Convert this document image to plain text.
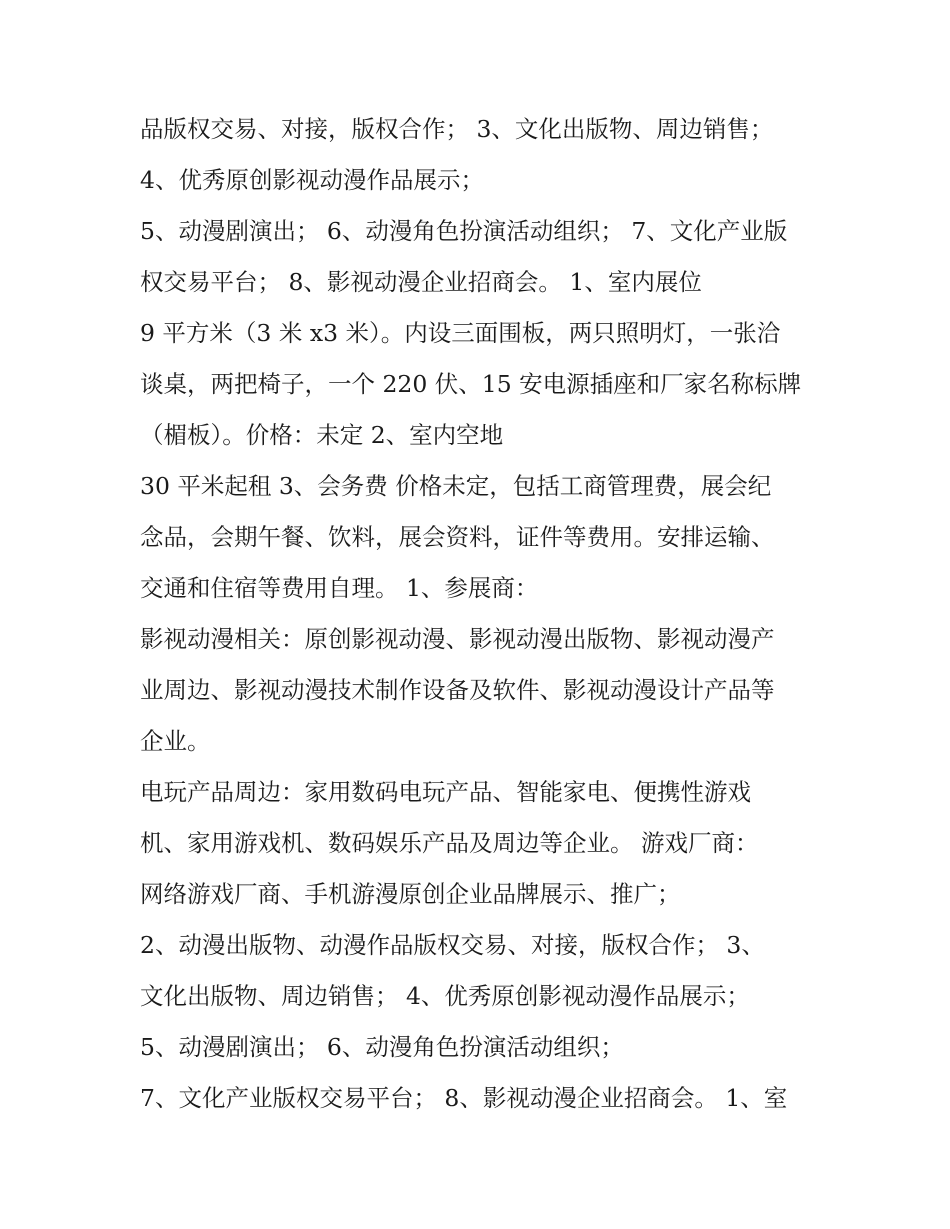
品版权交易、对接，版权合作； 3、文化出版物、周边销售；
4、优秀原创影视动漫作品展示；
5、动漫剧演出； 6、动漫角色扮演活动组织； 7、文化产业版
权交易平台； 8、影视动漫企业招商会。 1、室内展位
9 平方米（3 米 x3 米）。内设三面围板，两只照明灯，一张洽
谈桌，两把椅子，一个 220 伏、15 安电源插座和厂家名称标牌
（楣板）。价格：未定 2、室内空地
30 平米起租 3、会务费 价格未定，包括工商管理费，展会纪
念品，会期午餐、饮料，展会资料，证件等费用。安排运输、
交通和住宿等费用自理。 1、参展商：
影视动漫相关：原创影视动漫、影视动漫出版物、影视动漫产
业周边、影视动漫技术制作设备及软件、影视动漫设计产品等
企业。
电玩产品周边：家用数码电玩产品、智能家电、便携性游戏
机、家用游戏机、数码娱乐产品及周边等企业。 游戏厂商：
网络游戏厂商、手机游漫原创企业品牌展示、推广；
2、动漫出版物、动漫作品版权交易、对接，版权合作； 3、
文化出版物、周边销售； 4、优秀原创影视动漫作品展示；
5、动漫剧演出； 6、动漫角色扮演活动组织；
7、文化产业版权交易平台； 8、影视动漫企业招商会。 1、室
